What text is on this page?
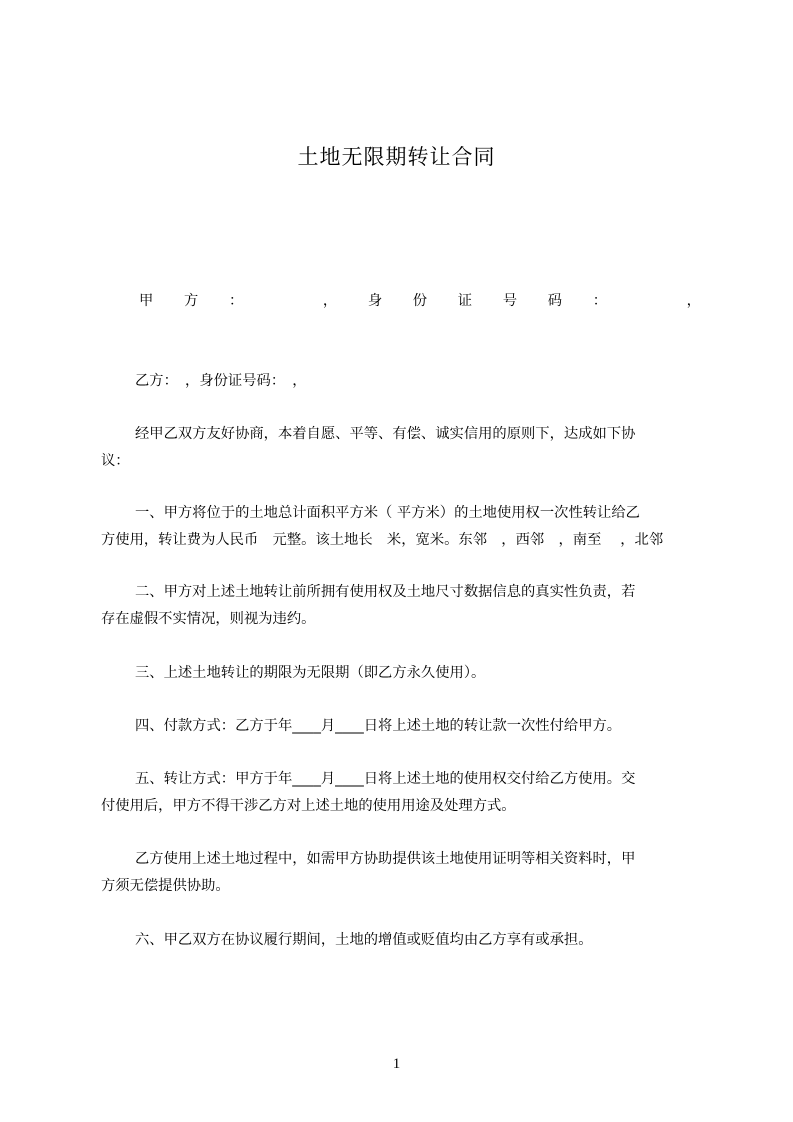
土地无限期转让合同
甲 方 ：
	， 身 份 证 号 码 ：
	，
乙方：　，身份证号码：　，
经甲乙双方友好协商，本着自愿、平等、有偿、诚实信用的原则下，达成如下协
议：
一、甲方将位于的土地总计面积平方米（ 平方米）的土地使用权一次性转让给乙
方使用，转让费为人民币　元整。该土地长　米，宽米。东邻　，西邻　，南至　 ，北邻
二、甲方对上述土地转让前所拥有使用权及土地尺寸数据信息的真实性负责，若
存在虚假不实情况，则视为违约。
三、上述土地转让的期限为无限期（即乙方永久使用）。
四、付款方式：乙方于年____月____日将上述土地的转让款一次性付给甲方。
五、转让方式：甲方于年____月____日将上述土地的使用权交付给乙方使用。交
付使用后，甲方不得干涉乙方对上述土地的使用用途及处理方式。
乙方使用上述土地过程中，如需甲方协助提供该土地使用证明等相关资料时，甲
方须无偿提供协助。
六、甲乙双方在协议履行期间，土地的增值或贬值均由乙方享有或承担。
1
